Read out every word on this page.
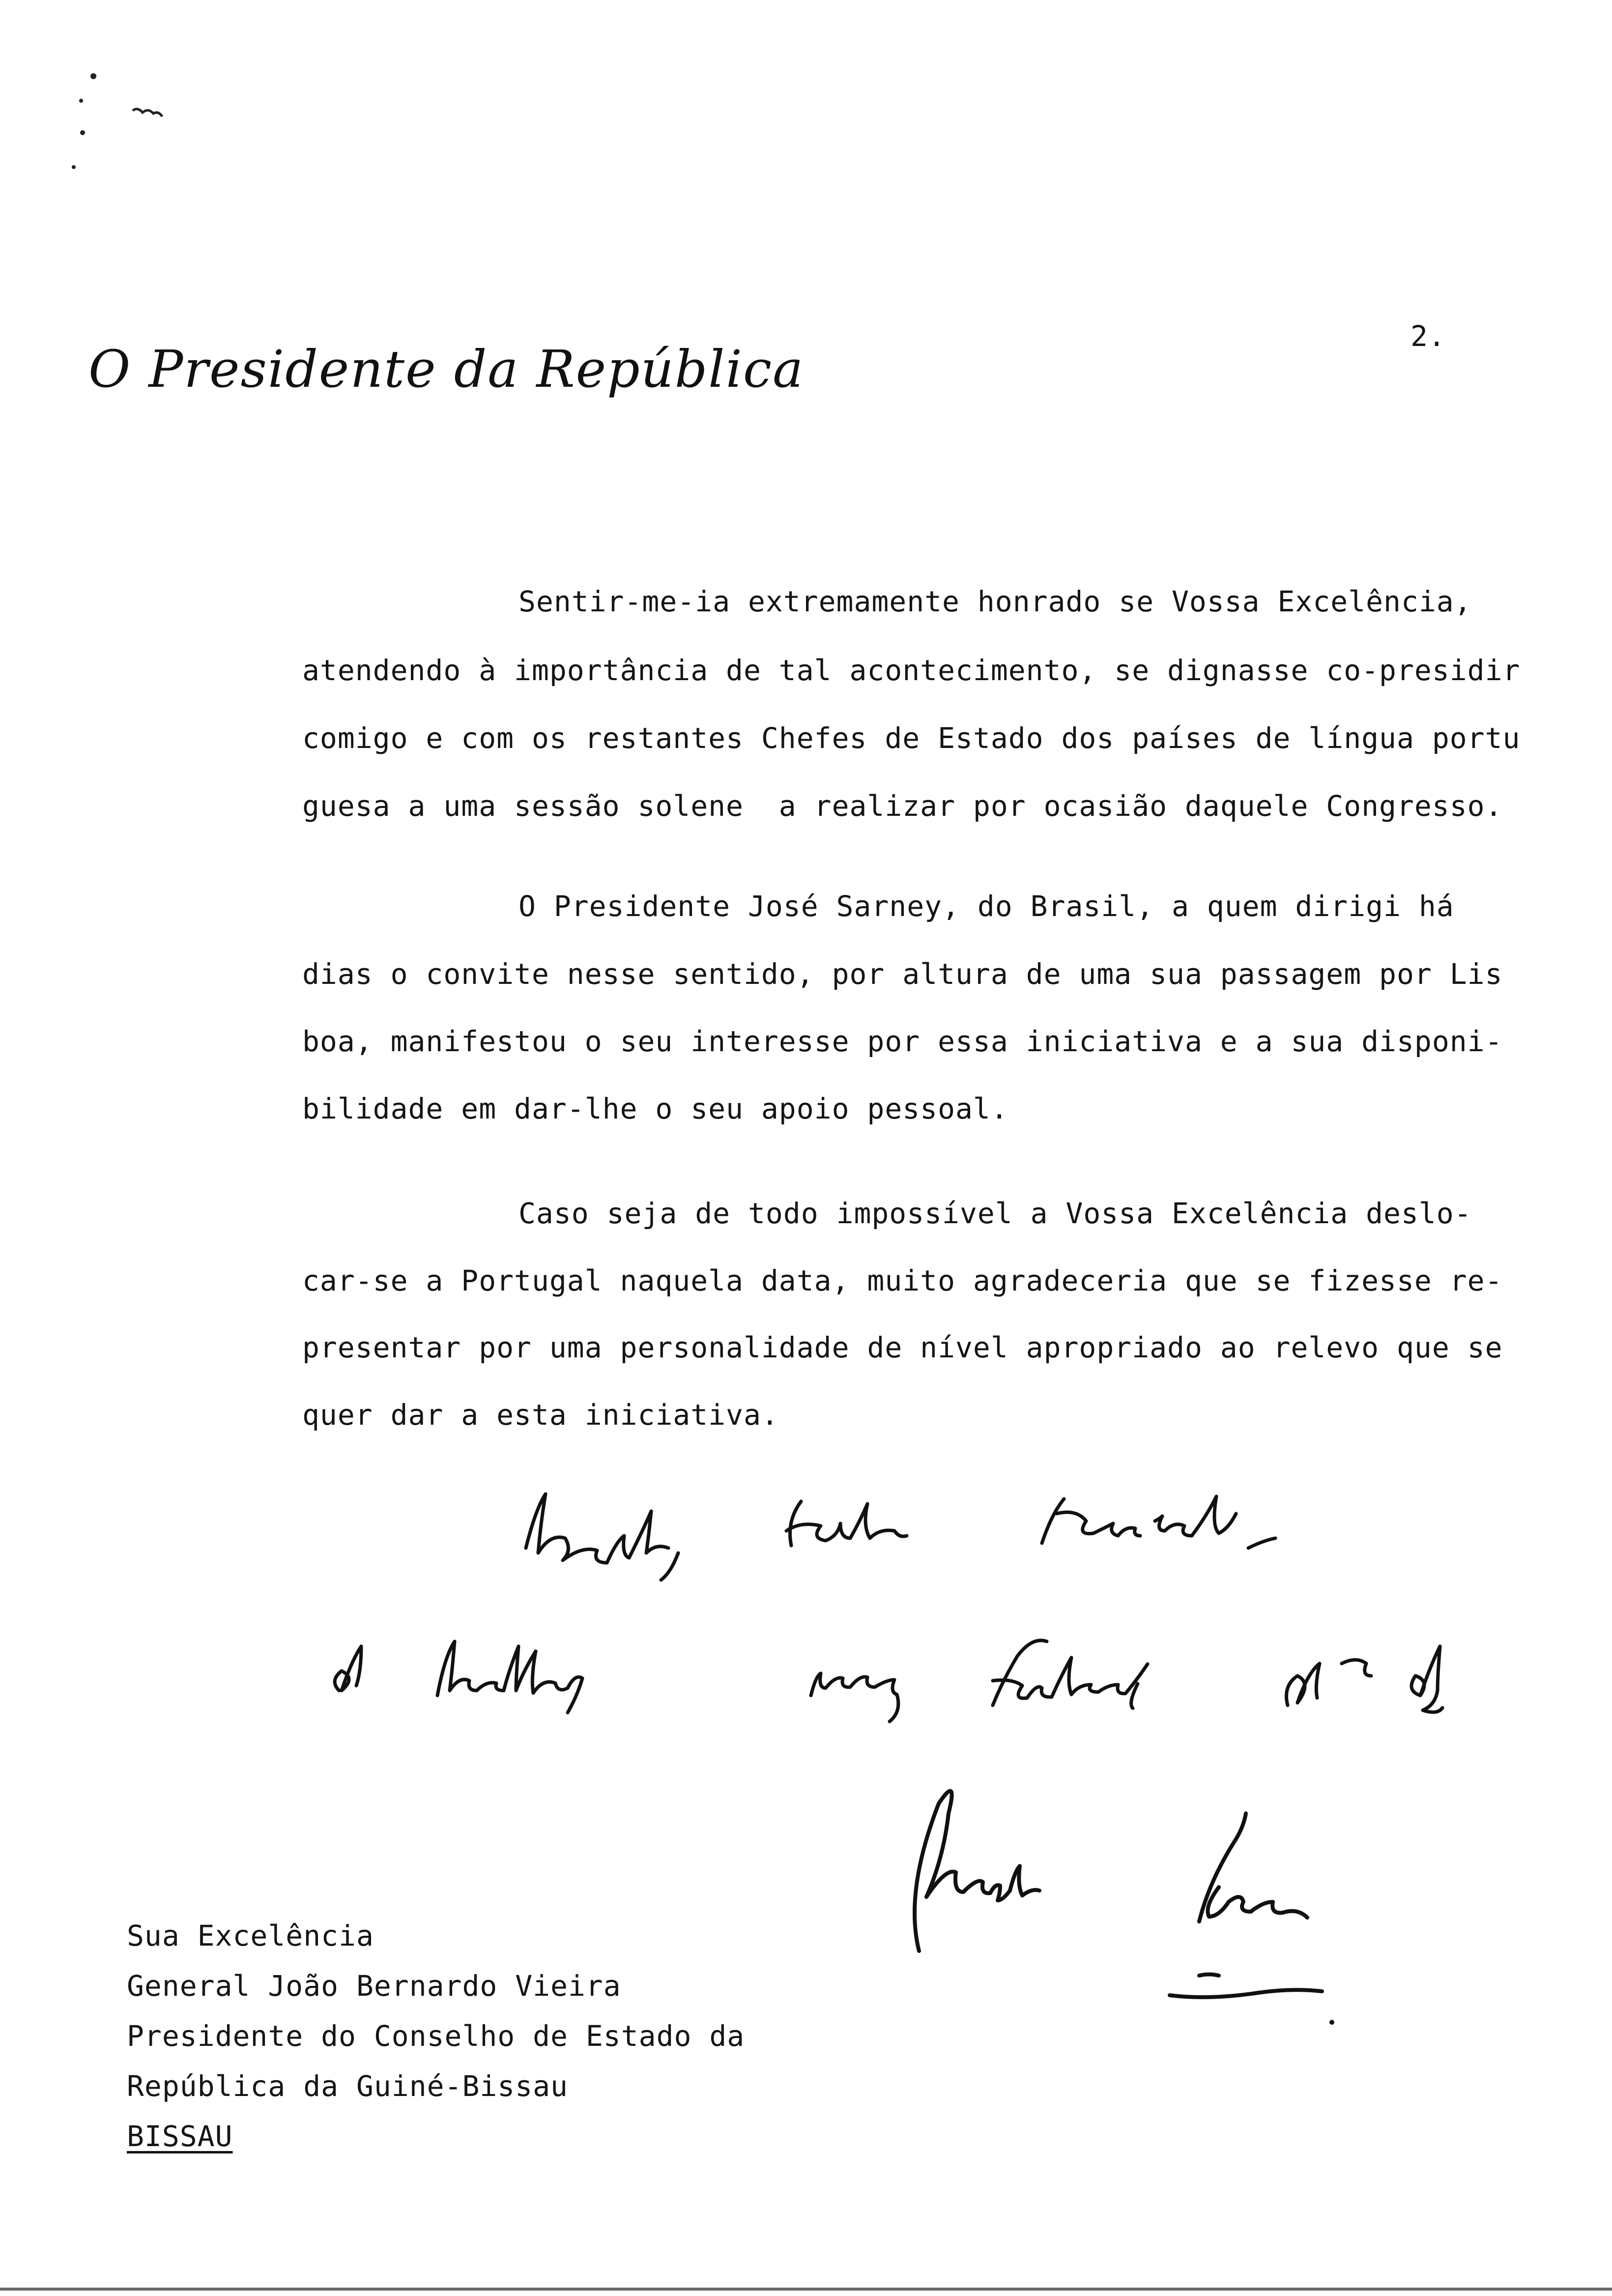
O Presidente da República
2.
Sentir-me-ia extremamente honrado se Vossa Excelência,
atendendo à importância de tal acontecimento, se dignasse co-presidir
comigo e com os restantes Chefes de Estado dos países de língua portu
guesa a uma sessão solene  a realizar por ocasião daquele Congresso.
O Presidente José Sarney, do Brasil, a quem dirigi há
dias o convite nesse sentido, por altura de uma sua passagem por Lis
boa, manifestou o seu interesse por essa iniciativa e a sua disponi-
bilidade em dar-lhe o seu apoio pessoal.
Caso seja de todo impossível a Vossa Excelência deslo-
car-se a Portugal naquela data, muito agradeceria que se fizesse re-
presentar por uma personalidade de nível apropriado ao relevo que se
quer dar a esta iniciativa.
Sua Excelência
General João Bernardo Vieira
Presidente do Conselho de Estado da
República da Guiné-Bissau
BISSAU
